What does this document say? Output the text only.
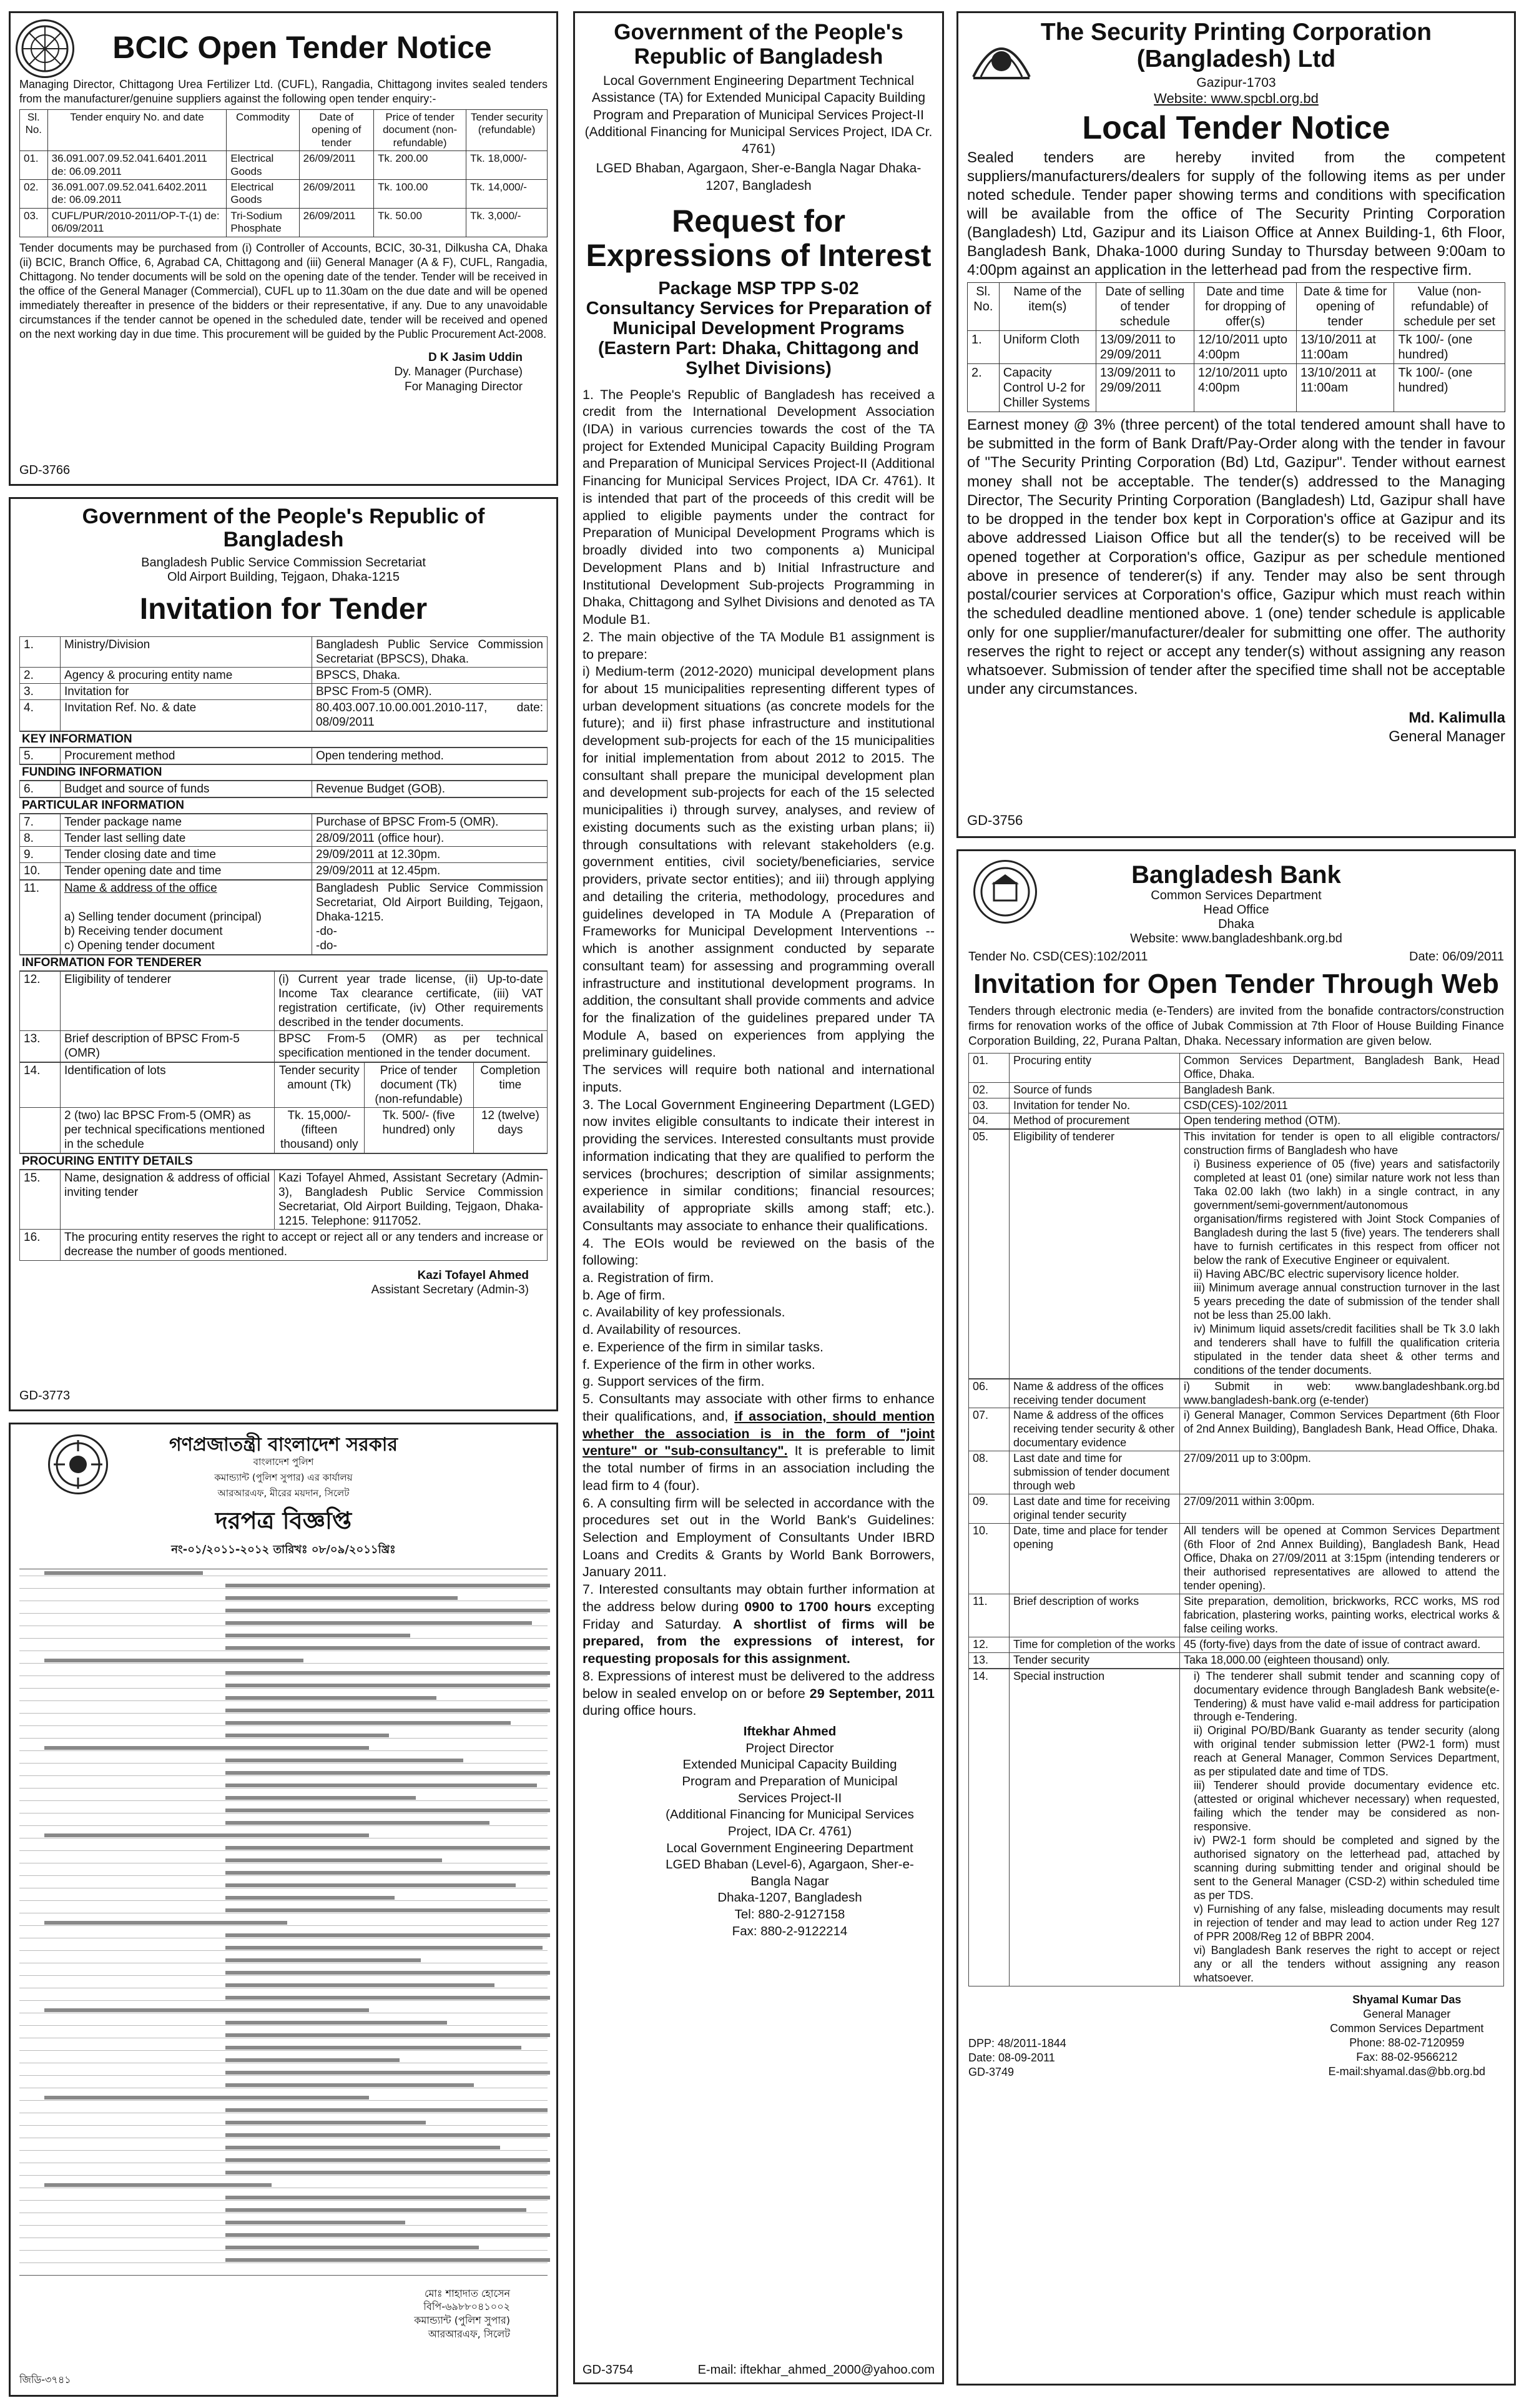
BCIC Open Tender Notice

Managing Director, Chittagong Urea Fertilizer Ltd. (CUFL), Rangadia, Chittagong invites sealed tenders from the manufacturer/genuine suppliers against the following open tender enquiry:-

Sl. No.	Tender enquiry No. and date	Commodity	Date of opening of tender	Price of tender document (non-refundable)	Tender security (refundable)
01.	36.091.007.09.52.041.6401.2011 de: 06.09.2011	Electrical Goods	26/09/2011	Tk. 200.00	Tk. 18,000/-
02.	36.091.007.09.52.041.6402.2011 de: 06.09.2011	Electrical Goods	26/09/2011	Tk. 100.00	Tk. 14,000/-
03.	CUFL/PUR/2010-2011/OP-T-(1) de: 06/09/2011	Tri-Sodium Phosphate	26/09/2011	Tk. 50.00	Tk. 3,000/-

Tender documents may be purchased from (i) Controller of Accounts, BCIC, 30-31, Dilkusha CA, Dhaka (ii) BCIC, Branch Office, 6, Agrabad CA, Chittagong and (iii) General Manager (A & F), CUFL, Rangadia, Chittagong. No tender documents will be sold on the opening date of the tender. Tender will be received in the office of the General Manager (Commercial), CUFL up to 11.30am on the due date and will be opened immediately thereafter in presence of the bidders or their representative, if any. Due to any unavoidable circumstances if the tender cannot be opened in the scheduled date, tender will be received and opened on the next working day in due time. This procurement will be guided by the Public Procurement Act-2008.

D K Jasim Uddin
Dy. Manager (Purchase)
For Managing Director
GD-3766
Government of the People's Republic of Bangladesh

Bangladesh Public Service Commission Secretariat

Old Airport Building, Tejgaon, Dhaka-1215

Invitation for Tender
1.	Ministry/Division	Bangladesh Public Service Commission Secretariat (BPSCS), Dhaka.
2.	Agency & procuring entity name	BPSCS, Dhaka.
3.	Invitation for	BPSC From-5 (OMR).
4.	Invitation Ref. No. & date	80.403.007.10.00.001.2010-117, date: 08/09/2011
KEY INFORMATION
5.	Procurement method	Open tendering method.
FUNDING INFORMATION
6.	Budget and source of funds	Revenue Budget (GOB).
PARTICULAR INFORMATION
7.	Tender package name	Purchase of BPSC From-5 (OMR).
8.	Tender last selling date	28/09/2011 (office hour).
9.	Tender closing date and time	29/09/2011 at 12.30pm.
10.	Tender opening date and time	29/09/2011 at 12.45pm.
11.	Name & address of the office

a) Selling tender document (principal)
b) Receiving tender document
c) Opening tender document	Bangladesh Public Service Commission Secretariat, Old Airport Building, Tejgaon, Dhaka-1215.
-do-
-do-
INFORMATION FOR TENDERER
12.	Eligibility of tenderer	(i) Current year trade license, (ii) Up-to-date Income Tax clearance certificate, (iii) VAT registration certificate, (iv) Other requirements described in the tender documents.
13.	Brief description of BPSC From-5 (OMR)	BPSC From-5 (OMR) as per technical specification mentioned in the tender document.
14.	Identification of lots	Tender security amount (Tk)	Price of tender document (Tk) (non-refundable)	Completion time
	2 (two) lac BPSC From-5 (OMR) as per technical specifications mentioned in the schedule	Tk. 15,000/- (fifteen thousand) only	Tk. 500/- (five hundred) only	12 (twelve) days
PROCURING ENTITY DETAILS
15.	Name, designation & address of official inviting tender	Kazi Tofayel Ahmed, Assistant Secretary (Admin-3), Bangladesh Public Service Commission Secretariat, Old Airport Building, Tejgaon, Dhaka-1215. Telephone: 9117052.
16.	The procuring entity reserves the right to accept or reject all or any tenders and increase or decrease the number of goods mentioned.	
Kazi Tofayel Ahmed
Assistant Secretary (Admin-3)
GD-3773
গণপ্রজাতন্ত্রী বাংলাদেশ সরকার

বাংলাদেশ পুলিশ

কমান্ড্যান্ট (পুলিশ সুপার) এর কার্যালয়

আরআরএফ, মীরের ময়দান, সিলেট

দরপত্র বিজ্ঞপ্তি

নং-০১/২০১১-২০১২ তারিখঃ ০৮/০৯/২০১১খ্রিঃ

মোঃ শাহাদাত হোসেন
বিপি-৬৯৮৮০৪১০০২
কমান্ড্যান্ট (পুলিশ সুপার)
আরআরএফ, সিলেট
জিডি-৩৭৪১
Government of the People's Republic of Bangladesh

Local Government Engineering Department Technical Assistance (TA) for Extended Municipal Capacity Building Program and Preparation of Municipal Services Project-II (Additional Financing for Municipal Services Project, IDA Cr. 4761)

LGED Bhaban, Agargaon, Sher-e-Bangla Nagar Dhaka-1207, Bangladesh

Request for Expressions of Interest
Package MSP TPP S-02
Consultancy Services for Preparation of Municipal Development Programs (Eastern Part: Dhaka, Chittagong and Sylhet Divisions)

1. The People's Republic of Bangladesh has received a credit from the International Development Association (IDA) in various currencies towards the cost of the TA project for Extended Municipal Capacity Building Program and Preparation of Municipal Services Project-II (Additional Financing for Municipal Services Project, IDA Cr. 4761). It is intended that part of the proceeds of this credit will be applied to eligible payments under the contract for Preparation of Municipal Development Programs which is broadly divided into two components a) Municipal Development Plans and b) Initial Infrastructure and Institutional Development Sub-projects Programming in Dhaka, Chittagong and Sylhet Divisions and denoted as TA Module B1.

2. The main objective of the TA Module B1 assignment is to prepare:

i) Medium-term (2012-2020) municipal development plans for about 15 municipalities representing different types of urban development situations (as concrete models for the future); and ii) first phase infrastructure and institutional development sub-projects for each of the 15 municipalities for initial implementation from about 2012 to 2015. The consultant shall prepare the municipal development plan and development sub-projects for each of the 15 selected municipalities i) through survey, analyses, and review of existing documents such as the existing urban plans; ii) through consultations with relevant stakeholders (e.g. government entities, civil society/beneficiaries, service providers, private sector entities); and iii) through applying and detailing the criteria, methodology, procedures and guidelines developed in TA Module A (Preparation of Frameworks for Municipal Development Interventions -- which is another assignment conducted by separate consultant team) for assessing and programming overall infrastructure and institutional development programs. In addition, the consultant shall provide comments and advice for the finalization of the guidelines prepared under TA Module A, based on experiences from applying the preliminary guidelines.

The services will require both national and international inputs.

3. The Local Government Engineering Department (LGED) now invites eligible consultants to indicate their interest in providing the services. Interested consultants must provide information indicating that they are qualified to perform the services (brochures; description of similar assignments; experience in similar conditions; financial resources; availability of appropriate skills among staff; etc.). Consultants may associate to enhance their qualifications.

4. The EOIs would be reviewed on the basis of the following:

a. Registration of firm.
b. Age of firm.
c. Availability of key professionals.
d. Availability of resources.
e. Experience of the firm in similar tasks.
f. Experience of the firm in other works.
g. Support services of the firm.

5. Consultants may associate with other firms to enhance their qualifications, and, if association, should mention whether the association is in the form of "joint venture" or "sub-consultancy". It is preferable to limit the total number of firms in an association including the lead firm to 4 (four).

6. A consulting firm will be selected in accordance with the procedures set out in the World Bank's Guidelines: Selection and Employment of Consultants Under IBRD Loans and Credits & Grants by World Bank Borrowers, January 2011.

7. Interested consultants may obtain further information at the address below during 0900 to 1700 hours excepting Friday and Saturday. A shortlist of firms will be prepared, from the expressions of interest, for requesting proposals for this assignment.

8. Expressions of interest must be delivered to the address below in sealed envelop on or before 29 September, 2011 during office hours.

Iftekhar Ahmed
Project Director
Extended Municipal Capacity Building
Program and Preparation of Municipal
Services Project-II
(Additional Financing for Municipal Services
Project, IDA Cr. 4761)
Local Government Engineering Department
LGED Bhaban (Level-6), Agargaon, Sher-e-
Bangla Nagar
Dhaka-1207, Bangladesh
Tel: 880-2-9127158
Fax: 880-2-9122214
GD-3754	E-mail: iftekhar_ahmed_2000@yahoo.com
The Security Printing Corporation
(Bangladesh) Ltd

Gazipur-1703

Website: www.spcbl.org.bd

Local Tender Notice

Sealed tenders are hereby invited from the competent suppliers/manufacturers/dealers for supply of the following items as per under noted schedule. Tender paper showing terms and conditions with specification will be available from the office of The Security Printing Corporation (Bangladesh) Ltd, Gazipur and its Liaison Office at Annex Building-1, 6th Floor, Bangladesh Bank, Dhaka-1000 during Sunday to Thursday between 9:00am to 4:00pm against an application in the letterhead pad from the respective firm.

Sl. No.	Name of the item(s)	Date of selling of tender schedule	Date and time for dropping of offer(s)	Date & time for opening of tender	Value (non-refundable) of schedule per set
1.	Uniform Cloth	13/09/2011 to 29/09/2011	12/10/2011 upto 4:00pm	13/10/2011 at 11:00am	Tk 100/- (one hundred)
2.	Capacity Control U-2 for Chiller Systems	13/09/2011 to 29/09/2011	12/10/2011 upto 4:00pm	13/10/2011 at 11:00am	Tk 100/- (one hundred)

Earnest money @ 3% (three percent) of the total tendered amount shall have to be submitted in the form of Bank Draft/Pay-Order along with the tender in favour of "The Security Printing Corporation (Bd) Ltd, Gazipur". Tender without earnest money shall not be acceptable. The tender(s) addressed to the Managing Director, The Security Printing Corporation (Bangladesh) Ltd, Gazipur shall have to be dropped in the tender box kept in Corporation's office at Gazipur and its above addressed Liaison Office but all the tender(s) to be received will be opened together at Corporation's office, Gazipur as per schedule mentioned above in presence of tenderer(s) if any. Tender may also be sent through postal/courier services at Corporation's office, Gazipur which must reach within the scheduled deadline mentioned above. 1 (one) tender schedule is applicable only for one supplier/manufacturer/dealer for submitting one offer. The authority reserves the right to reject or accept any tender(s) without assigning any reason whatsoever. Submission of tender after the specified time shall not be acceptable under any circumstances.

Md. Kalimulla
General Manager
GD-3756
Bangladesh Bank

Common Services Department

Head Office

Dhaka

Website: www.bangladeshbank.org.bd

Tender No. CSD(CES):102/2011	Date: 06/09/2011
Invitation for Open Tender Through Web

Tenders through electronic media (e-Tenders) are invited from the bonafide contractors/construction firms for renovation works of the office of Jubak Commission at 7th Floor of House Building Finance Corporation Building, 22, Purana Paltan, Dhaka. Necessary information are given below.

01.	Procuring entity	Common Services Department, Bangladesh Bank, Head Office, Dhaka.
02.	Source of funds	Bangladesh Bank.
03.	Invitation for tender No.	CSD(CES)-102/2011
04.	Method of procurement	Open tendering method (OTM).
05.	Eligibility of tenderer	This invitation for tender is open to all eligible contractors/ construction firms of Bangladesh who have
i) Business experience of 05 (five) years and satisfactorily completed at least 01 (one) similar nature work not less than Taka 02.00 lakh (two lakh) in a single contract, in any government/semi-government/autonomous organisation/firms registered with Joint Stock Companies of Bangladesh during the last 5 (five) years. The tenderers shall have to furnish certificates in this respect from officer not below the rank of Executive Engineer or equivalent.
ii) Having ABC/BC electric supervisory licence holder.
iii) Minimum average annual construction turnover in the last 5 years preceding the date of submission of the tender shall not be less than 25.00 lakh.
iv) Minimum liquid assets/credit facilities shall be Tk 3.0 lakh and tenderers shall have to fulfill the qualification criteria stipulated in the tender data sheet & other terms and conditions of the tender documents.
06.	Name & address of the offices receiving tender document	i) Submit in web: www.bangladeshbank.org.bd www.bangladesh-bank.org (e-tender)
07.	Name & address of the offices receiving tender security & other documentary evidence	i) General Manager, Common Services Department (6th Floor of 2nd Annex Building), Bangladesh Bank, Head Office, Dhaka.
08.	Last date and time for submission of tender document through web	27/09/2011 up to 3:00pm.
09.	Last date and time for receiving original tender security	27/09/2011 within 3:00pm.
10.	Date, time and place for tender opening	All tenders will be opened at Common Services Department (6th Floor of 2nd Annex Building), Bangladesh Bank, Head Office, Dhaka on 27/09/2011 at 3:15pm (intending tenderers or their authorised representatives are allowed to attend the tender opening).
11.	Brief description of works	Site preparation, demolition, brickworks, RCC works, MS rod fabrication, plastering works, painting works, electrical works & false ceiling works.
12.	Time for completion of the works	45 (forty-five) days from the date of issue of contract award.
13.	Tender security	Taka 18,000.00 (eighteen thousand) only.
14.	Special instruction	i) The tenderer shall submit tender and scanning copy of documentary evidence through Bangladesh Bank website(e-Tendering) & must have valid e-mail address for participation through e-Tendering.
ii) Original PO/BD/Bank Guaranty as tender security (along with original tender submission letter (PW2-1 form) must reach at General Manager, Common Services Department, as per stipulated date and time of TDS.
iii) Tenderer should provide documentary evidence etc. (attested or original whichever necessary) when requested, failing which the tender may be considered as non-responsive.
iv) PW2-1 form should be completed and signed by the authorised signatory on the letterhead pad, attached by scanning during submitting tender and original should be sent to the General Manager (CSD-2) within scheduled time as per TDS.
v) Furnishing of any false, misleading documents may result in rejection of tender and may lead to action under Reg 127 of PPR 2008/Reg 12 of BBPR 2004.
vi) Bangladesh Bank reserves the right to accept or reject any or all the tenders without assigning any reason whatsoever.
Shyamal Kumar Das
General Manager
Common Services Department
Phone: 88-02-7120959
Fax: 88-02-9566212
E-mail:shyamal.das@bb.org.bd
DPP: 48/2011-1844
Date: 08-09-2011
GD-3749
